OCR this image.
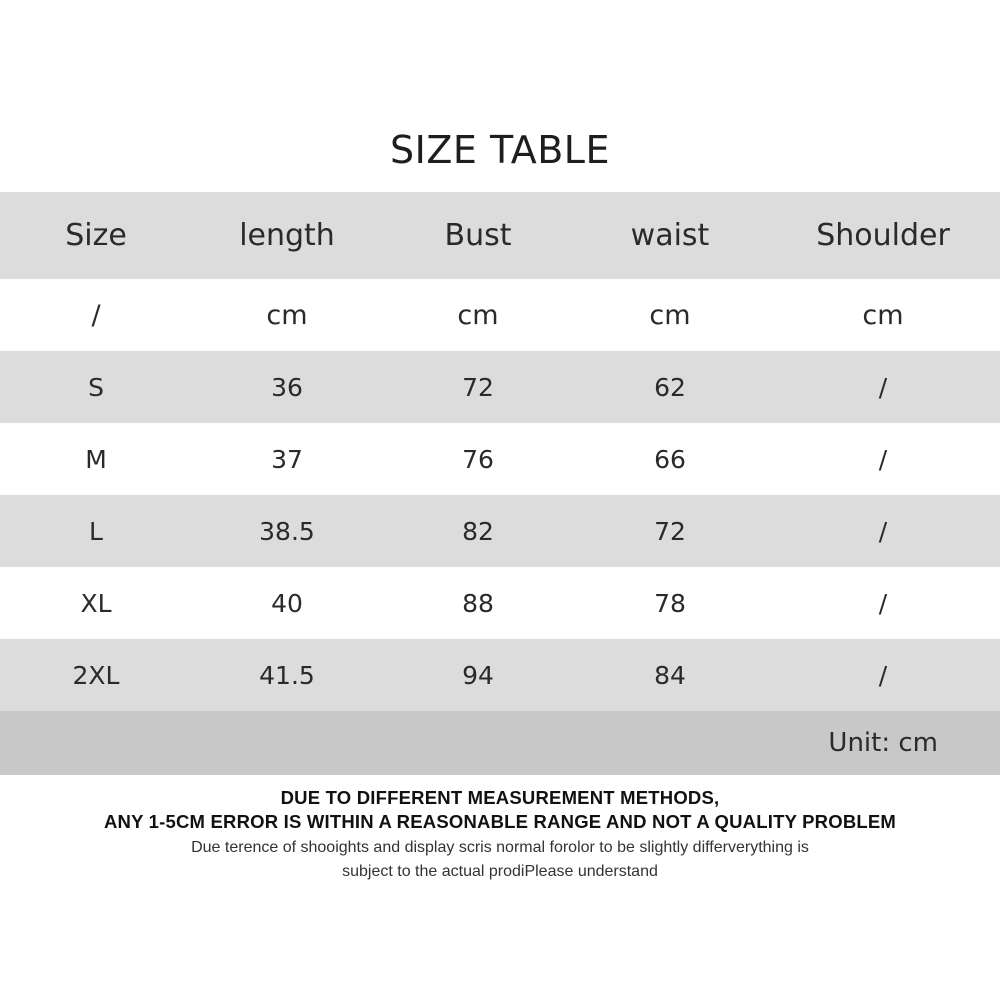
SIZE TABLE
Size	length	Bust	waist	Shoulder
/	cm	cm	cm	cm
S	36	72	62	/
M	37	76	66	/
L	38.5	82	72	/
XL	40	88	78	/
2XL	41.5	94	84	/
Unit: cm
DUE TO DIFFERENT MEASUREMENT METHODS,
ANY 1-5CM ERROR IS WITHIN A REASONABLE RANGE AND NOT A QUALITY PROBLEM
Due terence of shooights and display scris normal forolor to be slightly differverything is
subject to the actual prodiPlease understand
